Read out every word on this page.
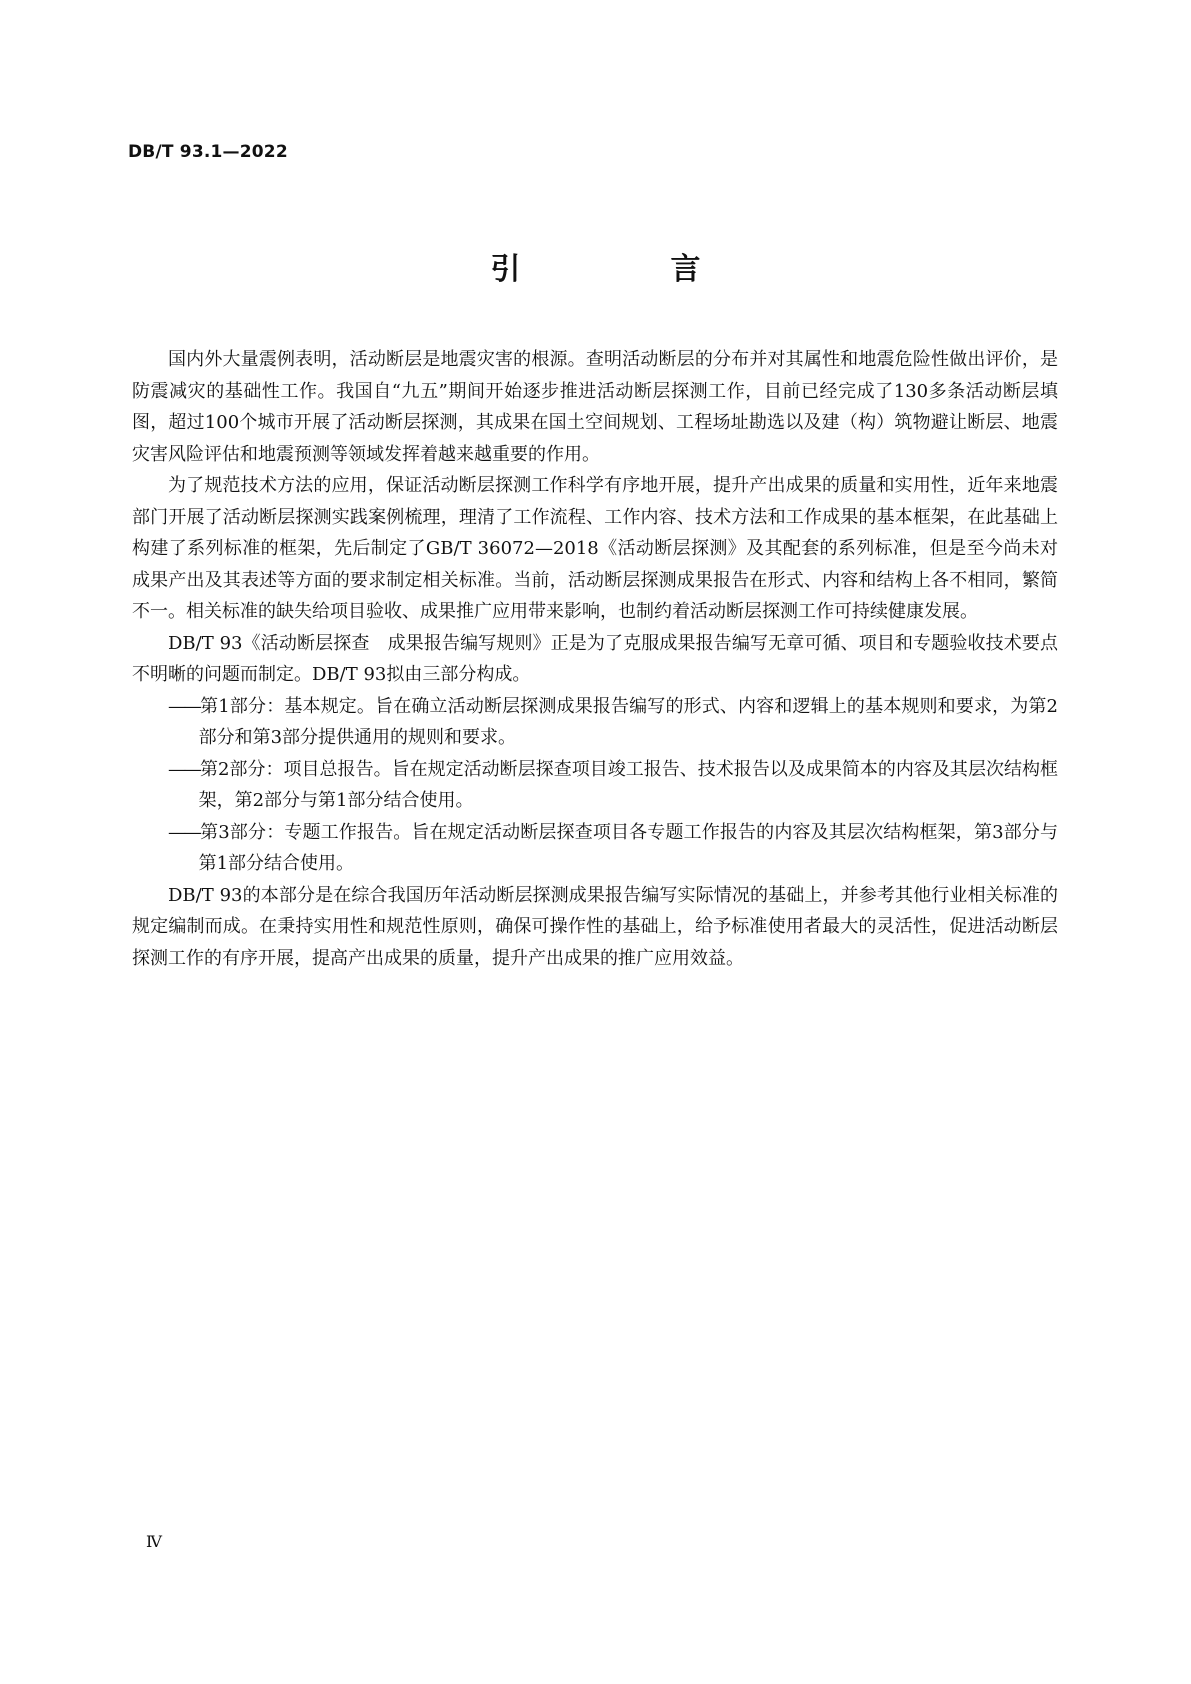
DB/T 93.1—2022
引　言

国内外大量震例表明，活动断层是地震灾害的根源。查明活动断层的分布并对其属性和地震危险性做出评价，是防震减灾的基础性工作。我国自“九五”期间开始逐步推进活动断层探测工作，目前已经完成了130多条活动断层填图，超过100个城市开展了活动断层探测，其成果在国土空间规划、工程场址勘选以及建（构）筑物避让断层、地震灾害风险评估和地震预测等领域发挥着越来越重要的作用。

为了规范技术方法的应用，保证活动断层探测工作科学有序地开展，提升产出成果的质量和实用性，近年来地震部门开展了活动断层探测实践案例梳理，理清了工作流程、工作内容、技术方法和工作成果的基本框架，在此基础上构建了系列标准的框架，先后制定了GB/T 36072—2018《活动断层探测》及其配套的系列标准，但是至今尚未对成果产出及其表述等方面的要求制定相关标准。当前，活动断层探测成果报告在形式、内容和结构上各不相同，繁简不一。相关标准的缺失给项目验收、成果推广应用带来影响，也制约着活动断层探测工作可持续健康发展。

DB/T 93《活动断层探查　成果报告编写规则》正是为了克服成果报告编写无章可循、项目和专题验收技术要点不明晰的问题而制定。DB/T 93拟由三部分构成。

——第1部分：基本规定。旨在确立活动断层探测成果报告编写的形式、内容和逻辑上的基本规则和要求，为第2部分和第3部分提供通用的规则和要求。
——第2部分：项目总报告。旨在规定活动断层探查项目竣工报告、技术报告以及成果简本的内容及其层次结构框架，第2部分与第1部分结合使用。
——第3部分：专题工作报告。旨在规定活动断层探查项目各专题工作报告的内容及其层次结构框架，第3部分与第1部分结合使用。

DB/T 93的本部分是在综合我国历年活动断层探测成果报告编写实际情况的基础上，并参考其他行业相关标准的规定编制而成。在秉持实用性和规范性原则，确保可操作性的基础上，给予标准使用者最大的灵活性，促进活动断层探测工作的有序开展，提高产出成果的质量，提升产出成果的推广应用效益。

Ⅳ
